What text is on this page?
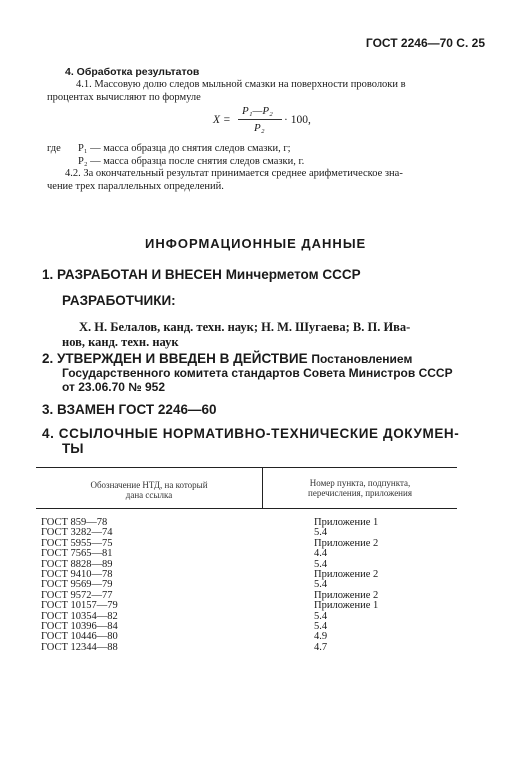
ГОСТ 2246—70 С. 25
4. Обработка результатов
4.1. Массовую долю следов мыльной смазки на поверхности проволоки в
процентах вычисляют по формуле
X =
P₁—P₂
P₂
· 100,
где P₁ — масса образца до снятия следов смазки, г;
P₂ — масса образца после снятия следов смазки, г.
4.2. За окончательный результат принимается среднее арифметическое зна-
чение трех параллельных определений.
ИНФОРМАЦИОННЫЕ ДАННЫЕ
1. РАЗРАБОТАН И ВНЕСЕН Минчерметом СССР
РАЗРАБОТЧИКИ:
Х. Н. Белалов, канд. техн. наук; Н. М. Шугаева; В. П. Ива-
нов, канд. техн. наук
2. УТВЕРЖДЕН И ВВЕДЕН В ДЕЙСТВИЕ Постановлением
Государственного комитета стандартов Совета Министров СССР
от 23.06.70 № 952
3. ВЗАМЕН ГОСТ 2246—60
4. ССЫЛОЧНЫЕ НОРМАТИВНО-ТЕХНИЧЕСКИЕ ДОКУМЕН-
ТЫ
Обозначение НТД, на который
дана ссылка
Номер пункта, подпункта,
перечисления, приложения
ГОСТ 859—78	Приложение 1
ГОСТ 3282—74	5.4
ГОСТ 5955—75	Приложение 2
ГОСТ 7565—81	4.4
ГОСТ 8828—89	5.4
ГОСТ 9410—78	Приложение 2
ГОСТ 9569—79	5.4
ГОСТ 9572—77	Приложение 2
ГОСТ 10157—79	Приложение 1
ГОСТ 10354—82	5.4
ГОСТ 10396—84	5.4
ГОСТ 10446—80	4.9
ГОСТ 12344—88	4.7
